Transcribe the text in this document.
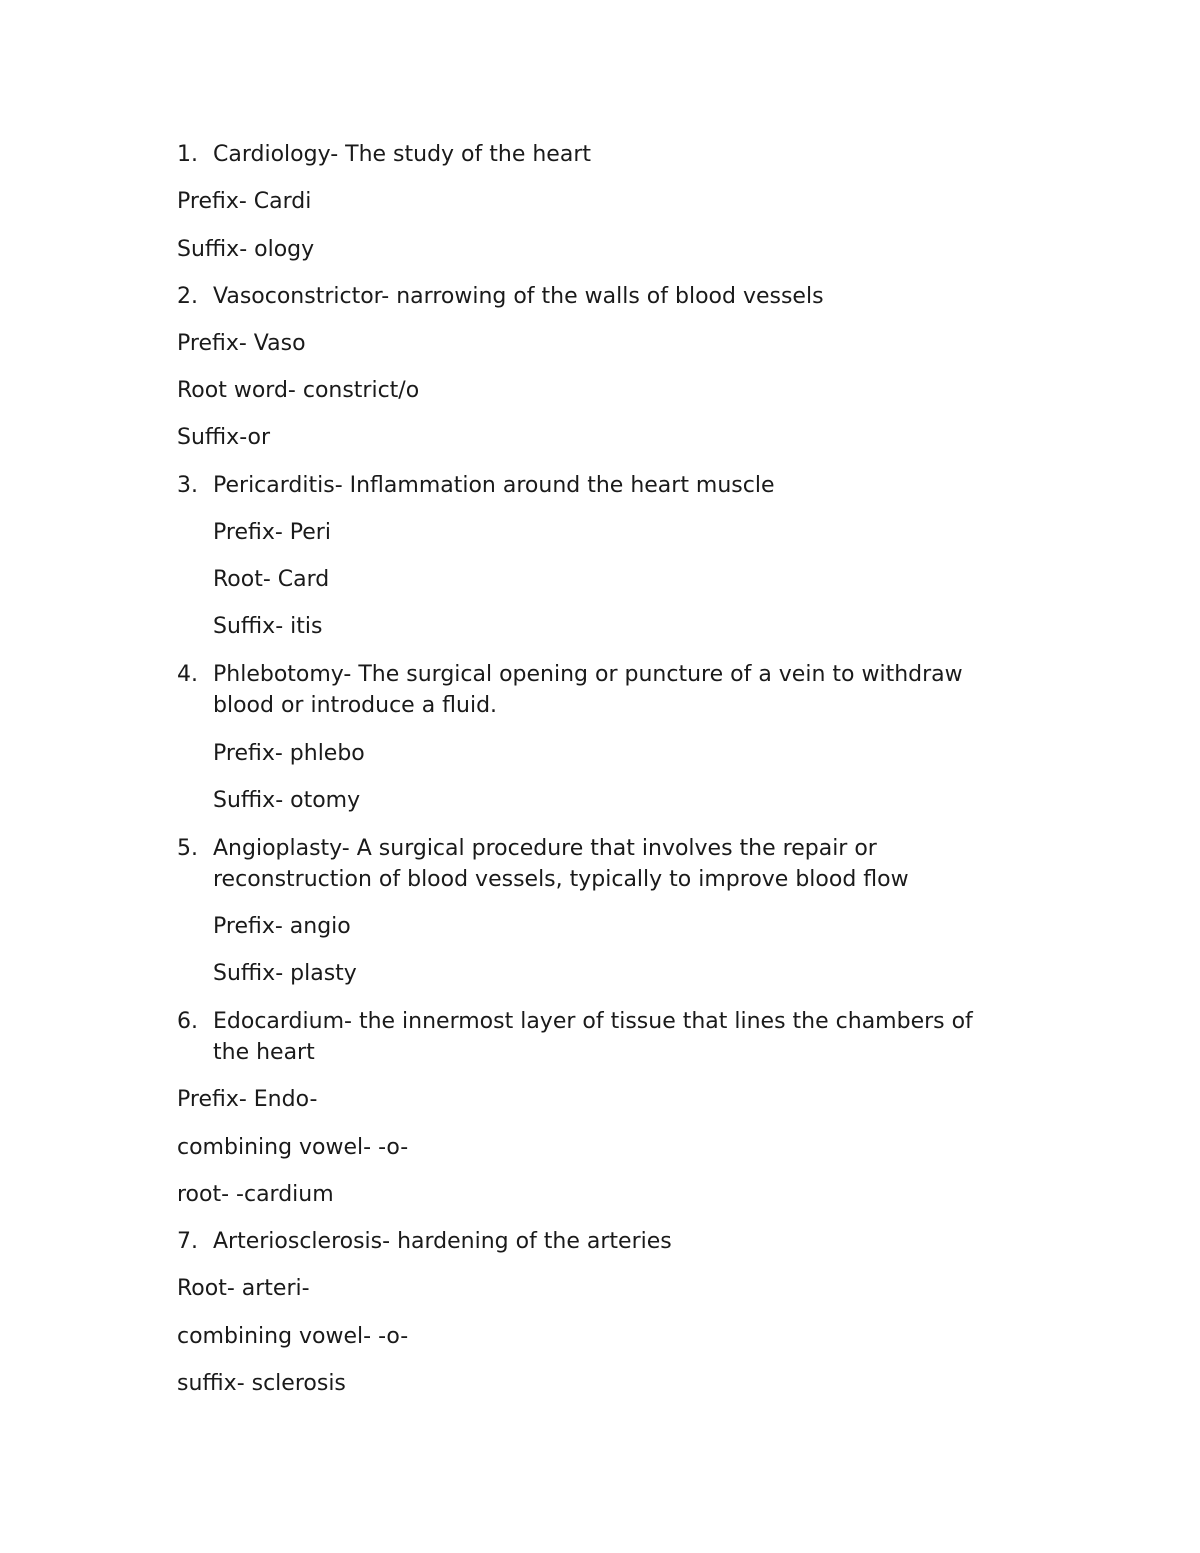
1. Cardiology- The study of the heart
Prefix- Cardi
Suffix- ology
2. Vasoconstrictor- narrowing of the walls of blood vessels
Prefix- Vaso
Root word- constrict/o
Suffix-or
3. Pericarditis- Inflammation around the heart muscle
Prefix- Peri
Root- Card
Suffix- itis
4. Phlebotomy- The surgical opening or puncture of a vein to withdraw
blood or introduce a fluid.
Prefix- phlebo
Suffix- otomy
5. Angioplasty- A surgical procedure that involves the repair or
reconstruction of blood vessels, typically to improve blood flow
Prefix- angio
Suffix- plasty
6. Edocardium- the innermost layer of tissue that lines the chambers of
the heart
Prefix- Endo-
combining vowel- -o-
root- -cardium
7. Arteriosclerosis- hardening of the arteries
Root- arteri-
combining vowel- -o-
suffix- sclerosis
